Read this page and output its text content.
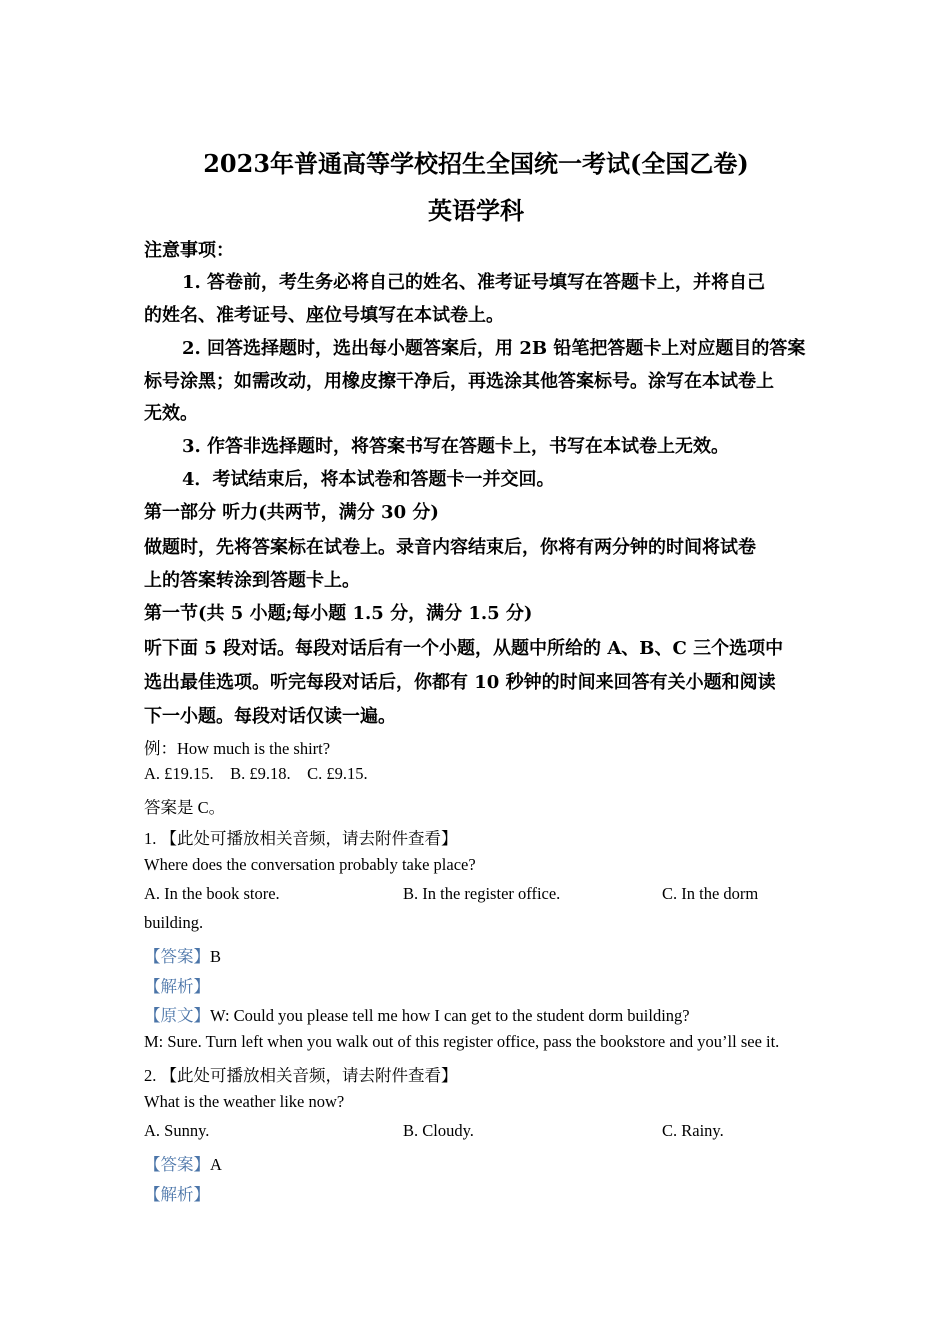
2023年普通高等学校招生全国统一考试(全国乙卷)
英语学科
注意事项：
1. 答卷前，考生务必将自己的姓名、准考证号填写在答题卡上，并将自己
的姓名、准考证号、座位号填写在本试卷上。
2. 回答选择题时，选出每小题答案后，用 2B 铅笔把答题卡上对应题目的答案
标号涂黑；如需改动，用橡皮擦干净后，再选涂其他答案标号。涂写在本试卷上
无效。
3. 作答非选择题时，将答案书写在答题卡上，书写在本试卷上无效。
4．考试结束后，将本试卷和答题卡一并交回。
第一部分 听力(共两节，满分 30 分)
做题时，先将答案标在试卷上。录音内容结束后，你将有两分钟的时间将试卷
上的答案转涂到答题卡上。
第一节(共 5 小题;每小题 1.5 分，满分 1.5 分)
听下面 5 段对话。每段对话后有一个小题，从题中所给的 A、B、C 三个选项中
选出最佳选项。听完每段对话后，你都有 10 秒钟的时间来回答有关小题和阅读
下一小题。每段对话仅读一遍。
例：How much is the shirt?
A. £19.15.    B. £9.18.    C. £9.15.
答案是 C。
1. 【此处可播放相关音频，请去附件查看】
Where does the conversation probably take place?
A. In the book store.	B. In the register office.	C. In the dorm
building.
【答案】B
【解析】
【原文】W: Could you please tell me how I can get to the student dorm building?
M: Sure. Turn left when you walk out of this register office, pass the bookstore and you’ll see it.
2. 【此处可播放相关音频，请去附件查看】
What is the weather like now?
A. Sunny.	B. Cloudy.	C. Rainy.
【答案】A
【解析】
